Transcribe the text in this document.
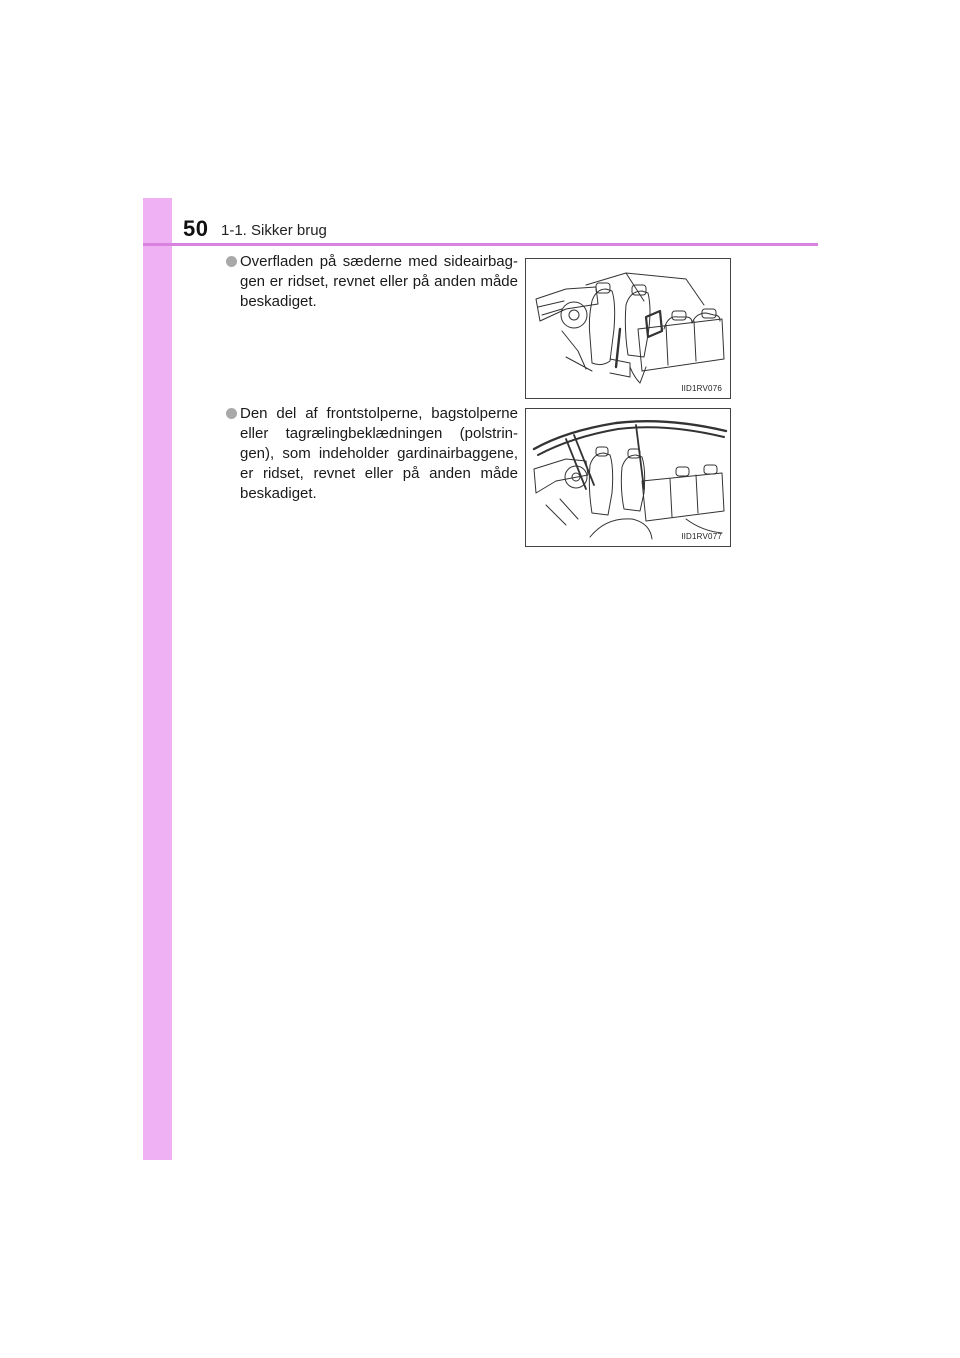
50 1-1. Sikker brug
Overfladen på sæderne med sideairbag-gen er ridset, revnet eller på anden måde beskadiget.
IID1RV076
Den del af frontstolperne, bagstolperne eller tagrælingbeklædningen (polstrin-gen), som indeholder gardinairbaggene, er ridset, revnet eller på anden måde beskadiget.
IID1RV077
